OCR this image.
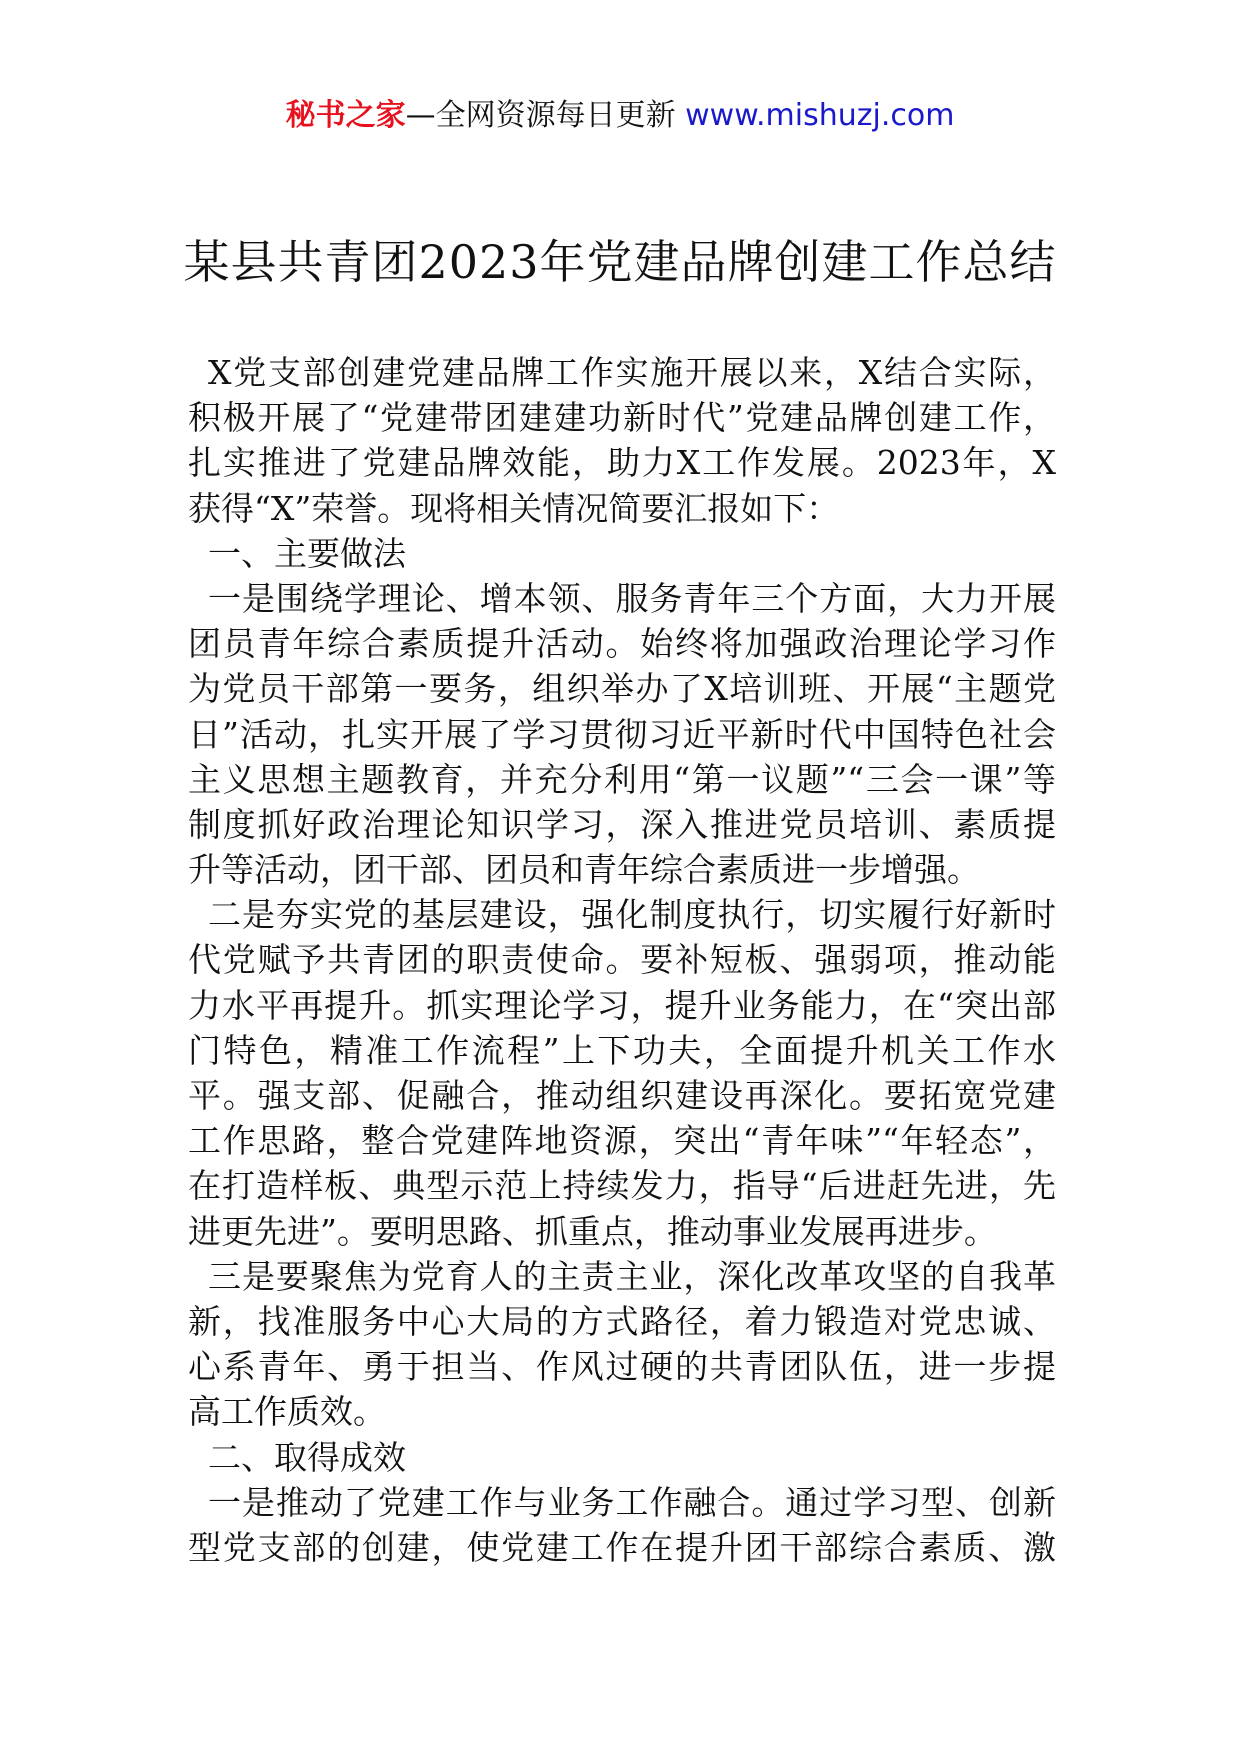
秘书之家—全网资源每日更新 www.mishuzj.com
某县共青团2023年党建品牌创建工作总结
X党支部创建党建品牌工作实施开展以来，X结合实际，
积极开展了“党建带团建建功新时代”党建品牌创建工作，
扎实推进了党建品牌效能，助力X工作发展。2023年，X
获得“X”荣誉。现将相关情况简要汇报如下：
一、主要做法
一是围绕学理论、增本领、服务青年三个方面，大力开展
团员青年综合素质提升活动。始终将加强政治理论学习作
为党员干部第一要务，组织举办了X培训班、开展“主题党
日”活动，扎实开展了学习贯彻习近平新时代中国特色社会
主义思想主题教育，并充分利用“第一议题”“三会一课”等
制度抓好政治理论知识学习，深入推进党员培训、素质提
升等活动，团干部、团员和青年综合素质进一步增强。
二是夯实党的基层建设，强化制度执行，切实履行好新时
代党赋予共青团的职责使命。要补短板、强弱项，推动能
力水平再提升。抓实理论学习，提升业务能力，在“突出部
门特色，精准工作流程”上下功夫，全面提升机关工作水
平。强支部、促融合，推动组织建设再深化。要拓宽党建
工作思路，整合党建阵地资源，突出“青年味”“年轻态”，
在打造样板、典型示范上持续发力，指导“后进赶先进，先
进更先进”。要明思路、抓重点，推动事业发展再进步。
三是要聚焦为党育人的主责主业，深化改革攻坚的自我革
新，找准服务中心大局的方式路径，着力锻造对党忠诚、
心系青年、勇于担当、作风过硬的共青团队伍，进一步提
高工作质效。
二、取得成效
一是推动了党建工作与业务工作融合。通过学习型、创新
型党支部的创建，使党建工作在提升团干部综合素质、激
